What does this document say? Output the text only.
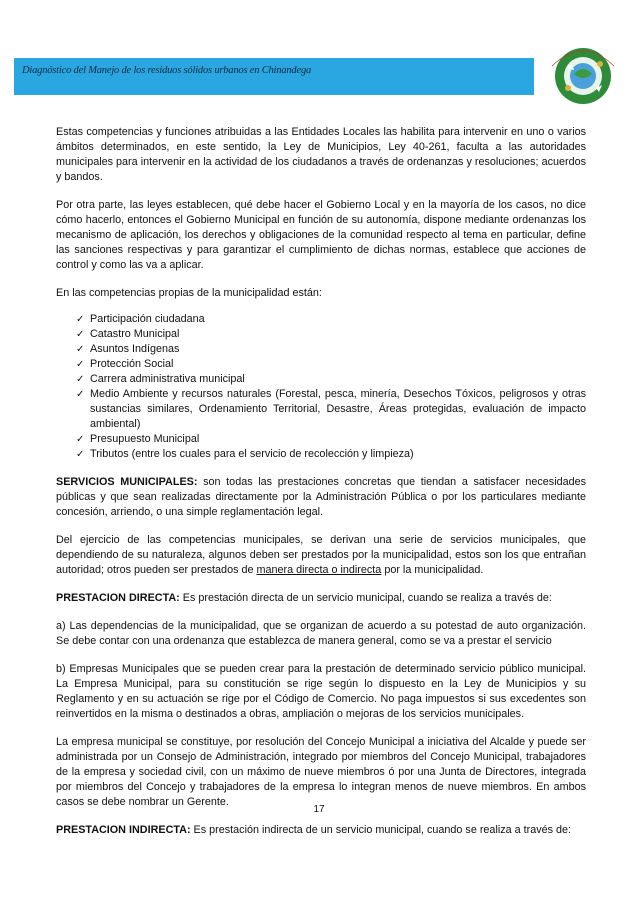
Diagnóstico del Manejo de los residuos sólidos urbanos en Chinandega

Estas competencias y funciones atribuidas a las Entidades Locales las habilita para intervenir en uno o varios ámbitos determinados, en este sentido, la Ley de Municipios, Ley 40-261, faculta a las autoridades municipales para intervenir en la actividad de los ciudadanos a través de ordenanzas y resoluciones; acuerdos y bandos.

Por otra parte, las leyes establecen, qué debe hacer el Gobierno Local y en la mayoría de los casos, no dice cómo hacerlo, entonces el Gobierno Municipal en función de su autonomía, dispone mediante ordenanzas los mecanismo de aplicación, los derechos y obligaciones de la comunidad respecto al tema en particular, define las sanciones respectivas y para garantizar el cumplimiento de dichas normas, establece que acciones de control y como las va a aplicar.

En las competencias propias de la municipalidad están:

✓ Participación ciudadana
✓ Catastro Municipal
✓ Asuntos Indígenas
✓ Protección Social
✓ Carrera administrativa municipal
✓ Medio Ambiente y recursos naturales (Forestal, pesca, minería, Desechos Tóxicos, peligrosos y otras sustancias similares, Ordenamiento Territorial, Desastre, Áreas protegidas, evaluación de impacto ambiental)
✓ Presupuesto Municipal
✓ Tributos (entre los cuales para el servicio de recolección y limpieza)

SERVICIOS MUNICIPALES: son todas las prestaciones concretas que tiendan a satisfacer necesidades públicas y que sean realizadas directamente por la Administración Pública o por los particulares mediante concesión, arriendo, o una simple reglamentación legal.

Del ejercicio de las competencias municipales, se derivan una serie de servicios municipales, que dependiendo de su naturaleza, algunos deben ser prestados por la municipalidad, estos son los que entrañan autoridad; otros pueden ser prestados de manera directa o indirecta por la municipalidad.

PRESTACION DIRECTA: Es prestación directa de un servicio municipal, cuando se realiza a través de:

a) Las dependencias de la municipalidad, que se organizan de acuerdo a su potestad de auto organización. Se debe contar con una ordenanza que establezca de manera general, como se va a prestar el servicio

b) Empresas Municipales que se pueden crear para la prestación de determinado servicio público municipal. La Empresa Municipal, para su constitución se rige según lo dispuesto en la Ley de Municipios y su Reglamento y en su actuación se rige por el Código de Comercio. No paga impuestos si sus excedentes son reinvertidos en la misma o destinados a obras, ampliación o mejoras de los servicios municipales.

La empresa municipal se constituye, por resolución del Concejo Municipal a iniciativa del Alcalde y puede ser administrada por un Consejo de Administración, integrado por miembros del Concejo Municipal, trabajadores de la empresa y sociedad civil, con un máximo de nueve miembros ó por una Junta de Directores, integrada por miembros del Concejo y trabajadores de la empresa lo integran menos de nueve miembros. En ambos casos se debe nombrar un Gerente.

PRESTACION INDIRECTA: Es prestación indirecta de un servicio municipal, cuando se realiza a través de:

17
